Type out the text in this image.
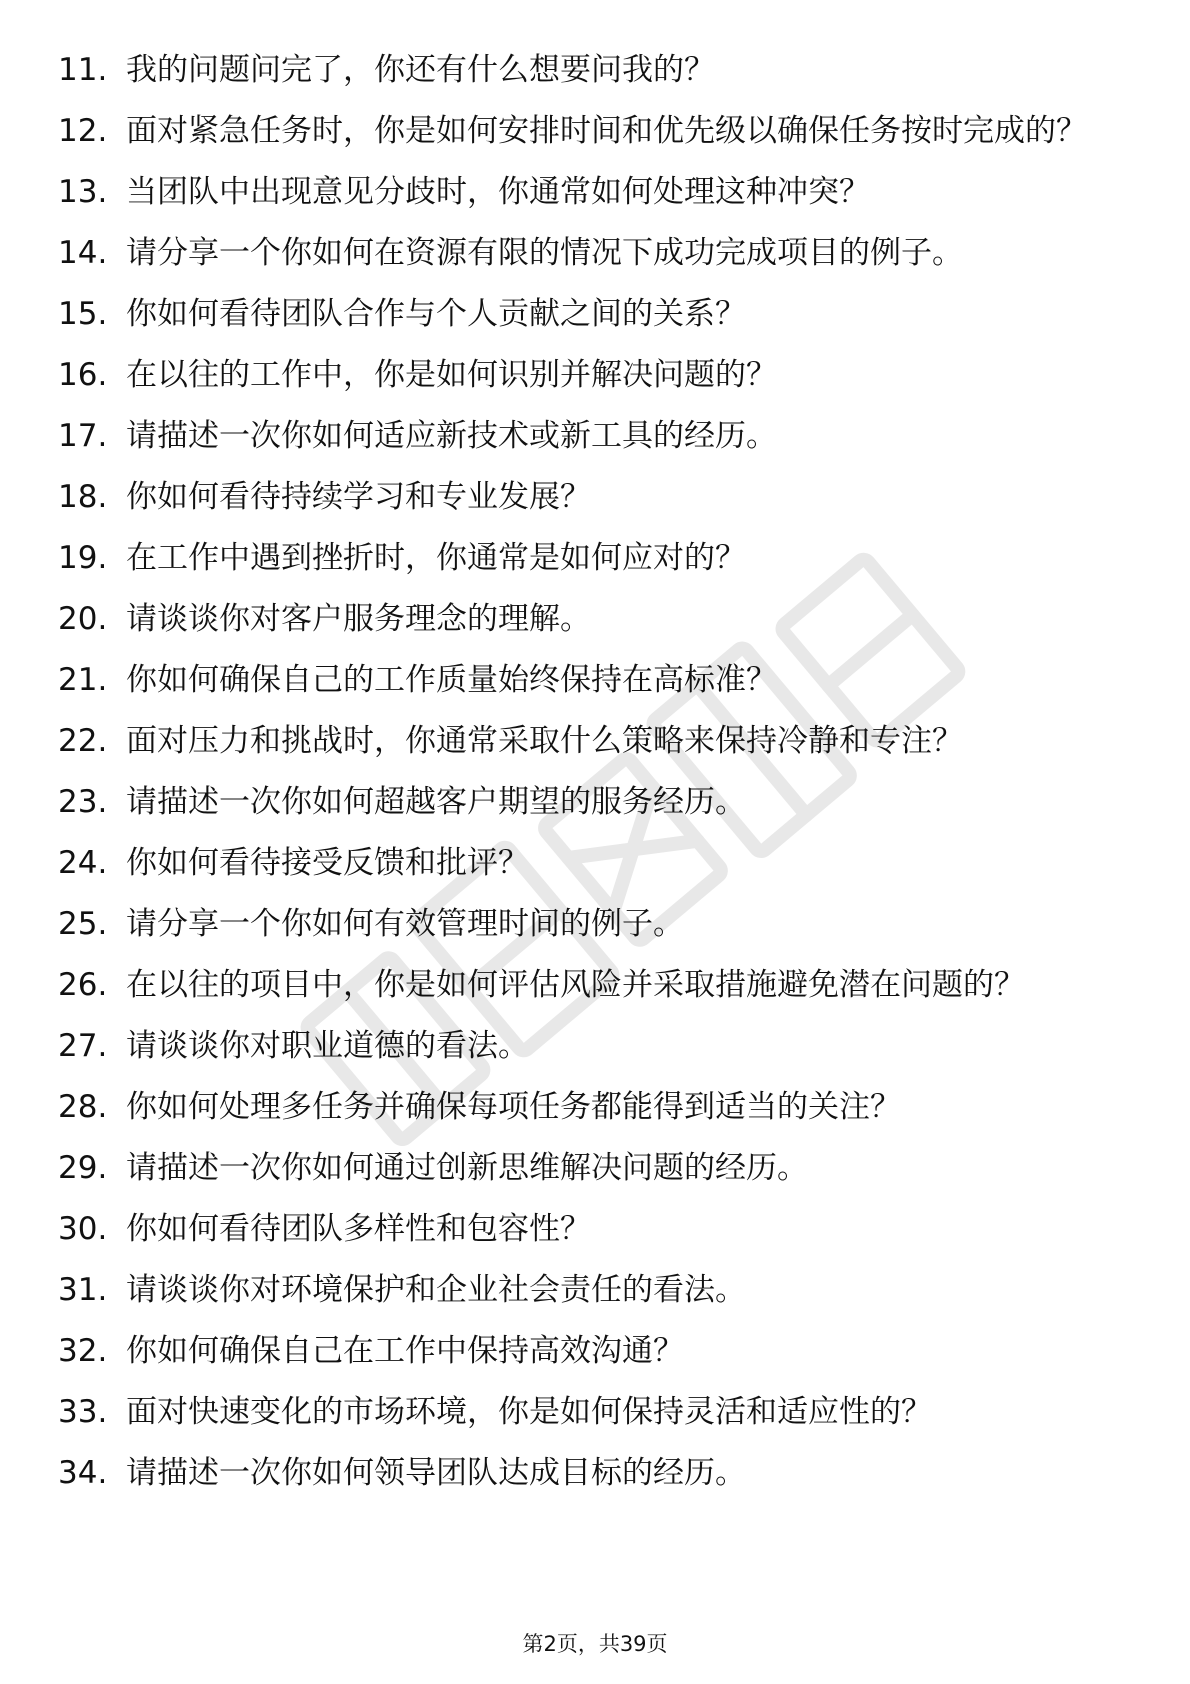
11. 我的问题问完了，你还有什么想要问我的？
12. 面对紧急任务时，你是如何安排时间和优先级以确保任务按时完成的？
13. 当团队中出现意见分歧时，你通常如何处理这种冲突？
14. 请分享一个你如何在资源有限的情况下成功完成项目的例子。
15. 你如何看待团队合作与个人贡献之间的关系？
16. 在以往的工作中，你是如何识别并解决问题的？
17. 请描述一次你如何适应新技术或新工具的经历。
18. 你如何看待持续学习和专业发展？
19. 在工作中遇到挫折时，你通常是如何应对的？
20. 请谈谈你对客户服务理念的理解。
21. 你如何确保自己的工作质量始终保持在高标准？
22. 面对压力和挑战时，你通常采取什么策略来保持冷静和专注？
23. 请描述一次你如何超越客户期望的服务经历。
24. 你如何看待接受反馈和批评？
25. 请分享一个你如何有效管理时间的例子。
26. 在以往的项目中，你是如何评估风险并采取措施避免潜在问题的？
27. 请谈谈你对职业道德的看法。
28. 你如何处理多任务并确保每项任务都能得到适当的关注？
29. 请描述一次你如何通过创新思维解决问题的经历。
30. 你如何看待团队多样性和包容性？
31. 请谈谈你对环境保护和企业社会责任的看法。
32. 你如何确保自己在工作中保持高效沟通？
33. 面对快速变化的市场环境，你是如何保持灵活和适应性的？
34. 请描述一次你如何领导团队达成目标的经历。
第2页，共39页
